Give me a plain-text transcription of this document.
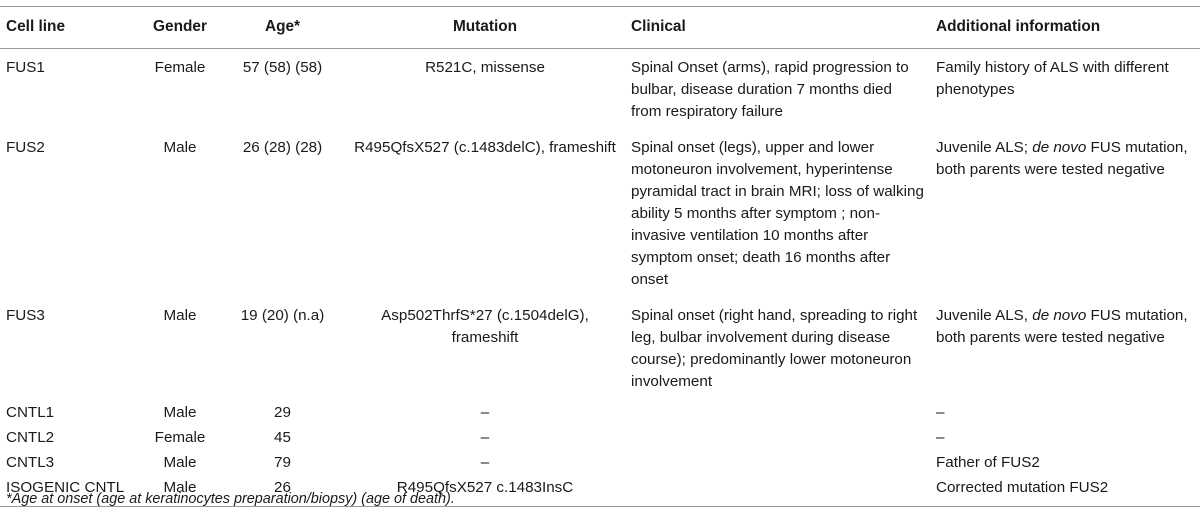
Cell line	Gender	Age*	Mutation	Clinical	Additional information
FUS1	Female	57 (58) (58)	R521C, missense	Spinal Onset (arms), rapid progression to bulbar, disease duration 7 months died from respiratory failure	Family history of ALS with different phenotypes
FUS2	Male	26 (28) (28)	R495QfsX527 (c.1483delC), frameshift	Spinal onset (legs), upper and lower motoneuron involvement, hyperintense pyramidal tract in brain MRI; loss of walking ability 5 months after symptom ; non-invasive ventilation 10 months after symptom onset; death 16 months after onset	Juvenile ALS; de novo FUS mutation, both parents were tested negative
FUS3	Male	19 (20) (n.a)	Asp502ThrfS*27 (c.1504delG), frameshift	Spinal onset (right hand, spreading to right leg, bulbar involvement during disease course); predominantly lower motoneuron involvement	Juvenile ALS, de novo FUS mutation, both parents were tested negative
CNTL1	Male	29	–		–
CNTL2	Female	45	–		–
CNTL3	Male	79	–		Father of FUS2
ISOGENIC CNTL	Male	26	R495QfsX527 c.1483InsC		Corrected mutation FUS2
*Age at onset (age at keratinocytes preparation/biopsy) (age of death).
